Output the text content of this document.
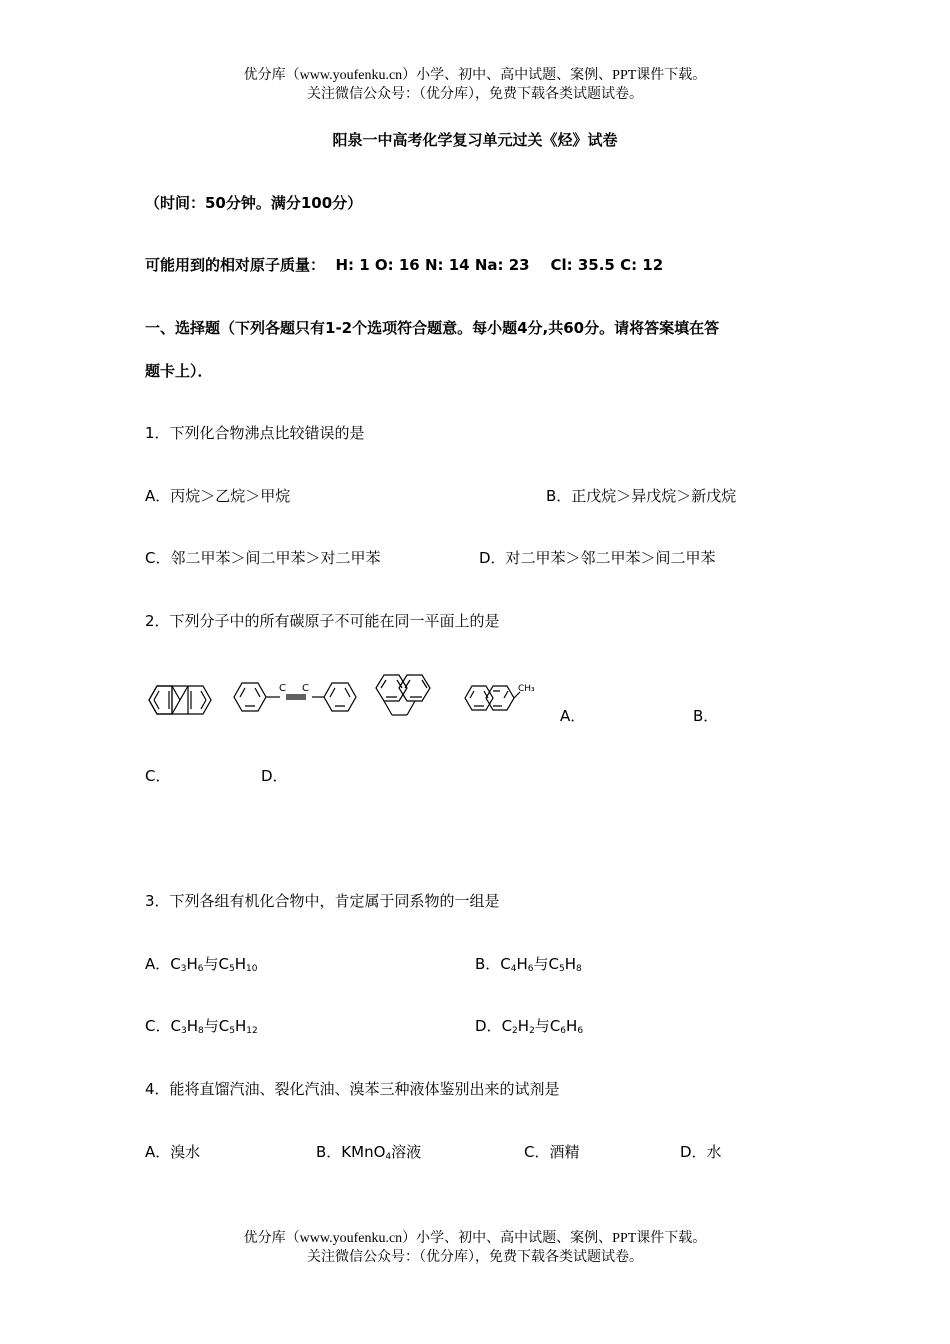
优分库（www.youfenku.cn）小学、初中、高中试题、案例、PPT课件下载。
关注微信公众号：（优分库），免费下载各类试题试卷。
阳泉一中高考化学复习单元过关《烃》试卷
（时间：50分钟。满分100分）
可能用到的相对原子质量：  H: 1 O: 16 N: 14 Na: 23    Cl: 35.5 C: 12
一、选择题（下列各题只有1-2个选项符合题意。每小题4分,共60分。请将答案填在答
题卡上）．
1．下列化合物沸点比较错误的是
A．丙烷＞乙烷＞甲烷	B．正戊烷＞异戊烷＞新戊烷
C．邻二甲苯＞间二甲苯＞对二甲苯	D．对二甲苯＞邻二甲苯＞间二甲苯
2．下列分子中的所有碳原子不可能在同一平面上的是
C C	CH₃
A．	B．
C．	D．
3．下列各组有机化合物中，肯定属于同系物的一组是
A．$C_3H_6$与$C_5H_{10}$	B．$C_4H_6$与$C_5H_8$
C．$C_3H_8$与$C_5H_{12}$	D．$C_2H_2$与$C_6H_6$
4．能将直馏汽油、裂化汽油、溴苯三种液体鉴别出来的试剂是
A．溴水	B．KMnO$_4$溶液	C．酒精	D．水
优分库（www.youfenku.cn）小学、初中、高中试题、案例、PPT课件下载。
关注微信公众号：（优分库），免费下载各类试题试卷。
